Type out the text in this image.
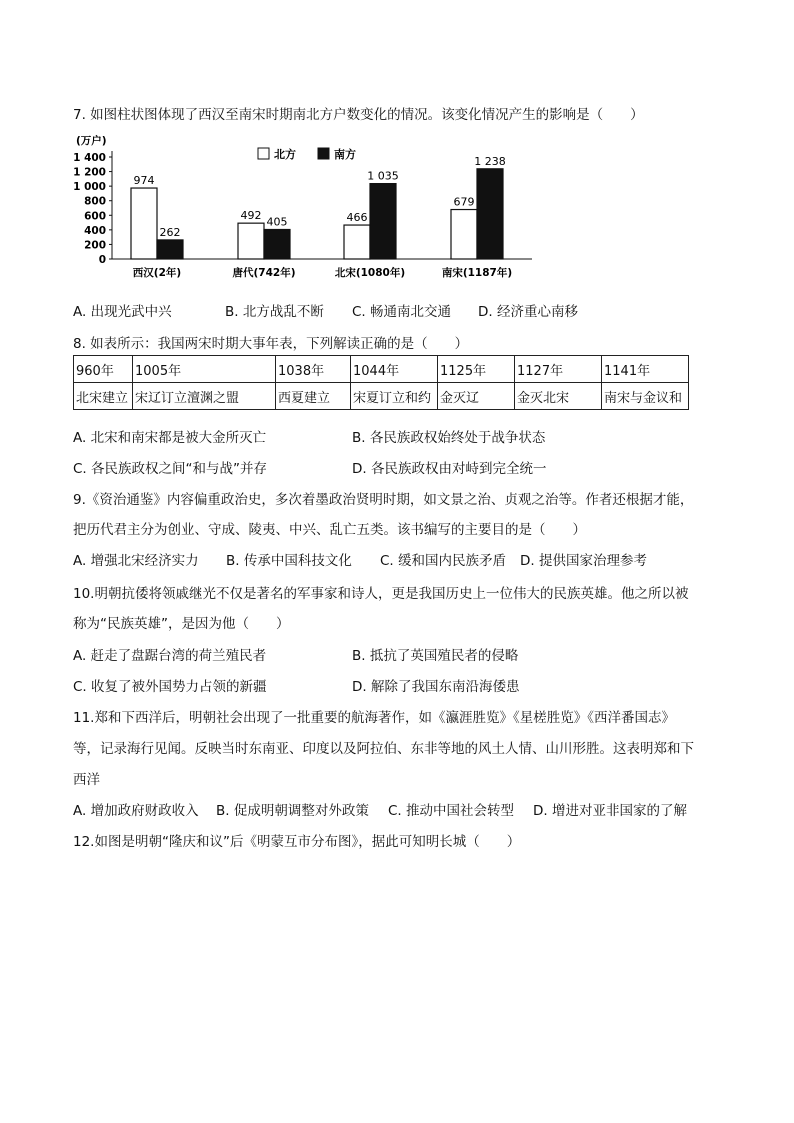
7. 如图柱状图体现了西汉至南宋时期南北方户数变化的情况。该变化情况产生的影响是（　　）
(万户)
0
200
400
600
800
1 000
1 200
1 400
974
262
西汉(2年)
492 405
唐代(742年)
466
1 035
北宋(1080年)
679
1 238
南宋(1187年)
北方	南方
A. 出现光武中兴	B. 北方战乱不断 C. 畅通南北交通 D. 经济重心南移
8. 如表所示：我国两宋时期大事年表，下列解读正确的是（　　）
960年	1005年	1038年	1044年	1125年	1127年	1141年
北宋建立	宋辽订立澶渊之盟	西夏建立	宋夏订立和约	金灭辽	金灭北宋	南宋与金议和
A. 北宋和南宋都是被大金所灭亡	B. 各民族政权始终处于战争状态
C. 各民族政权之间“和与战”并存	D. 各民族政权由对峙到完全统一
9.《资治通鉴》内容偏重政治史，多次着墨政治贤明时期，如文景之治、贞观之治等。作者还根据才能，
把历代君主分为创业、守成、陵夷、中兴、乱亡五类。该书编写的主要目的是（　　）
A. 增强北宋经济实力 B. 传承中国科技文化 C. 缓和国内民族矛盾 D. 提供国家治理参考
10.明朝抗倭将领戚继光不仅是著名的军事家和诗人，更是我国历史上一位伟大的民族英雄。他之所以被
称为“民族英雄”，是因为他（　　）
A. 赶走了盘踞台湾的荷兰殖民者	B. 抵抗了英国殖民者的侵略
C. 收复了被外国势力占领的新疆	D. 解除了我国东南沿海倭患
11.郑和下西洋后，明朝社会出现了一批重要的航海著作，如《瀛涯胜览》《星槎胜览》《西洋番国志》
等，记录海行见闻。反映当时东南亚、印度以及阿拉伯、东非等地的风土人情、山川形胜。这表明郑和下
西洋
A. 增加政府财政收入 B. 促成明朝调整对外政策 C. 推动中国社会转型 D. 增进对亚非国家的了解
12.如图是明朝“隆庆和议”后《明蒙互市分布图》，据此可知明长城（　　）
